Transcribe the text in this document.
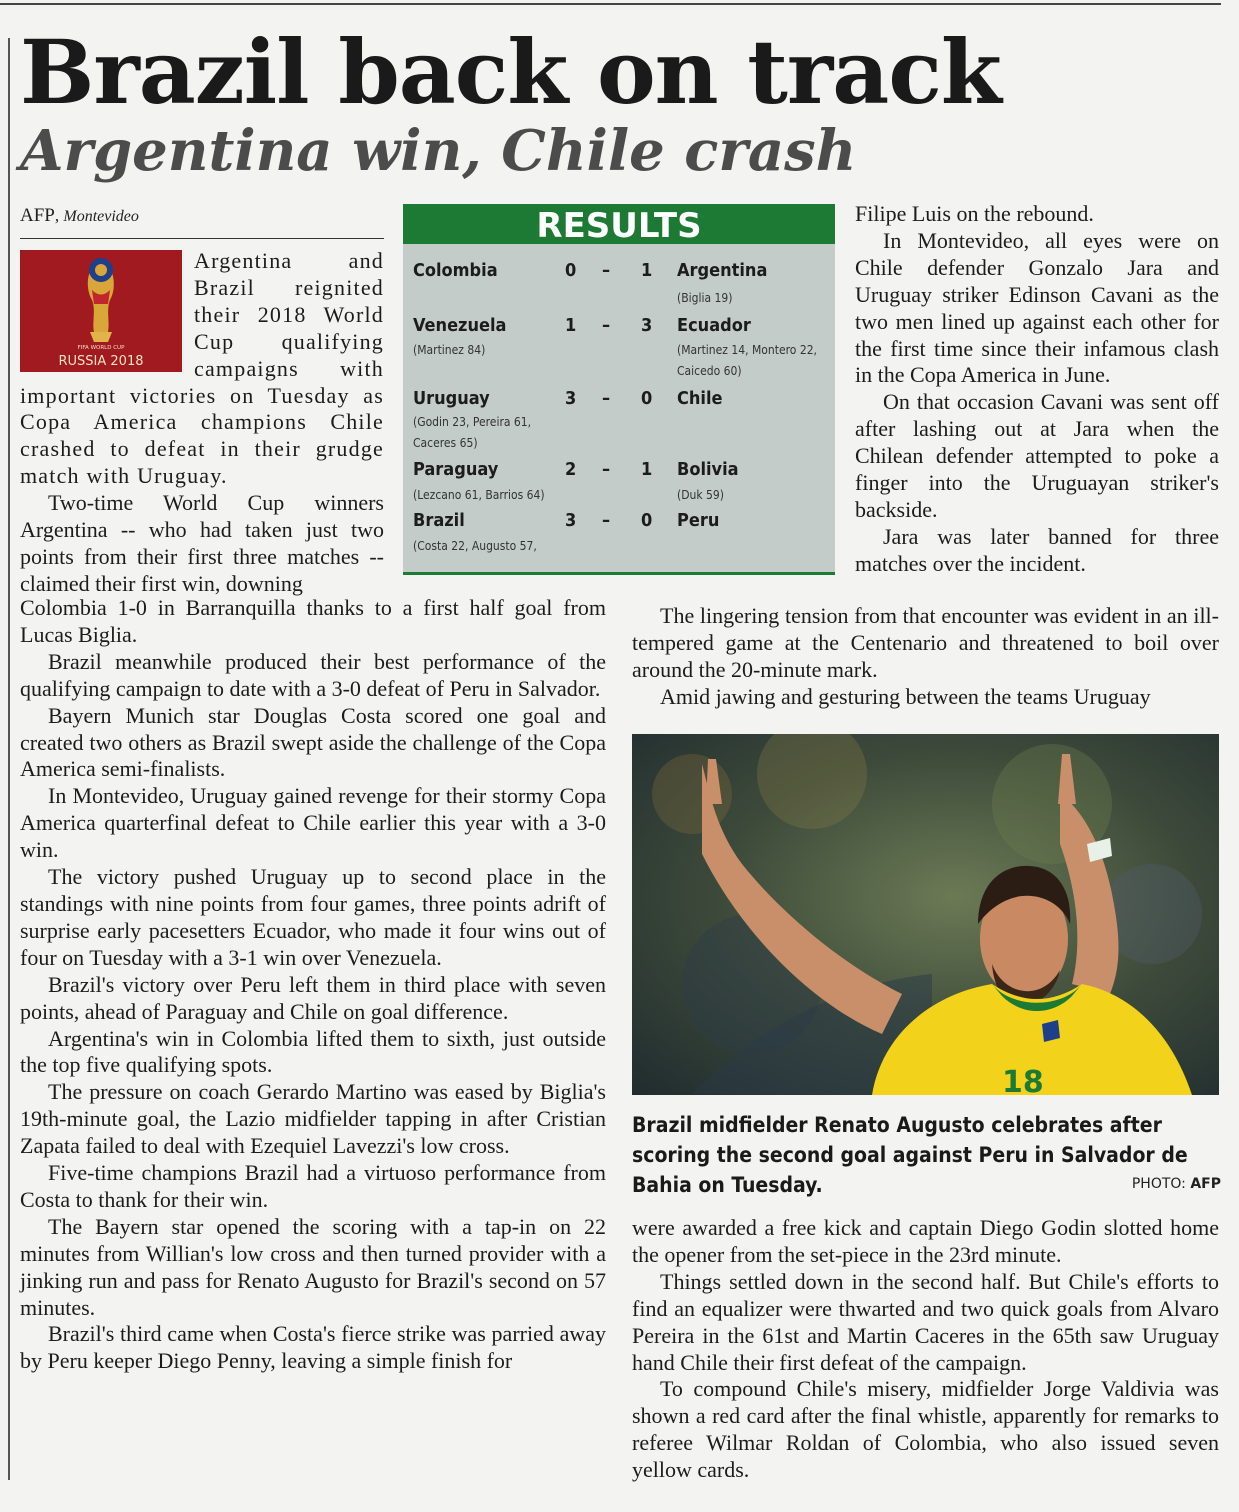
Brazil back on track
Argentina win, Chile crash
AFP, Montevideo
FIFA WORLD CUP
RUSSIA 2018

Argentina and Brazil reignited their 2018 World Cup qualifying campaigns with important victories on Tuesday as Copa America champions Chile crashed to defeat in their grudge match with Uruguay.

Two-time World Cup winners Argentina -- who had taken just two points from their first three matches -- claimed their first win, downing

RESULTS
Colombia	0 – 1 Argentina
(Biglia 19)
Venezuela	1 – 3 Ecuador
(Martinez 84)	(Martinez 14, Montero 22, Caicedo 60)
Uruguay	3 – 0 Chile
(Godin 23, Pereira 61, Caceres 65)
Paraguay	2 – 1 Bolivia
(Lezcano 61, Barrios 64)	(Duk 59)
Brazil	3 – 0 Peru
(Costa 22, Augusto 57,

Colombia 1-0 in Barranquilla thanks to a first half goal from Lucas Biglia.

Brazil meanwhile produced their best performance of the qualifying campaign to date with a 3-0 defeat of Peru in Salvador.

Bayern Munich star Douglas Costa scored one goal and created two others as Brazil swept aside the challenge of the Copa America semi-finalists.

In Montevideo, Uruguay gained revenge for their stormy Copa America quarterfinal defeat to Chile earlier this year with a 3-0 win.

The victory pushed Uruguay up to second place in the standings with nine points from four games, three points adrift of surprise early pacesetters Ecuador, who made it four wins out of four on Tuesday with a 3-1 win over Venezuela.

Brazil's victory over Peru left them in third place with seven points, ahead of Paraguay and Chile on goal difference.

Argentina's win in Colombia lifted them to sixth, just outside the top five qualifying spots.

The pressure on coach Gerardo Martino was eased by Biglia's 19th-minute goal, the Lazio midfielder tapping in after Cristian Zapata failed to deal with Ezequiel Lavezzi's low cross.

Five-time champions Brazil had a virtuoso performance from Costa to thank for their win.

The Bayern star opened the scoring with a tap-in on 22 minutes from Willian's low cross and then turned provider with a jinking run and pass for Renato Augusto for Brazil's second on 57 minutes.

Brazil's third came when Costa's fierce strike was parried away by Peru keeper Diego Penny, leaving a simple finish for

Filipe Luis on the rebound.

In Montevideo, all eyes were on Chile defender Gonzalo Jara and Uruguay striker Edinson Cavani as the two men lined up against each other for the first time since their infamous clash in the Copa America in June.

On that occasion Cavani was sent off after lashing out at Jara when the Chilean defender attempted to poke a finger into the Uruguayan striker's backside.

Jara was later banned for three matches over the incident.

The lingering tension from that encounter was evident in an ill-tempered game at the Centenario and threatened to boil over around the 20-minute mark.

Amid jawing and gesturing between the teams Uruguay

18

Brazil midfielder Renato Augusto celebrates after scoring the second goal against Peru in Salvador de Bahia on Tuesday.	PHOTO: AFP

were awarded a free kick and captain Diego Godin slotted home the opener from the set-piece in the 23rd minute.

Things settled down in the second half. But Chile's efforts to find an equalizer were thwarted and two quick goals from Alvaro Pereira in the 61st and Martin Caceres in the 65th saw Uruguay hand Chile their first defeat of the campaign.

To compound Chile's misery, midfielder Jorge Valdivia was shown a red card after the final whistle, apparently for remarks to referee Wilmar Roldan of Colombia, who also issued seven yellow cards.
